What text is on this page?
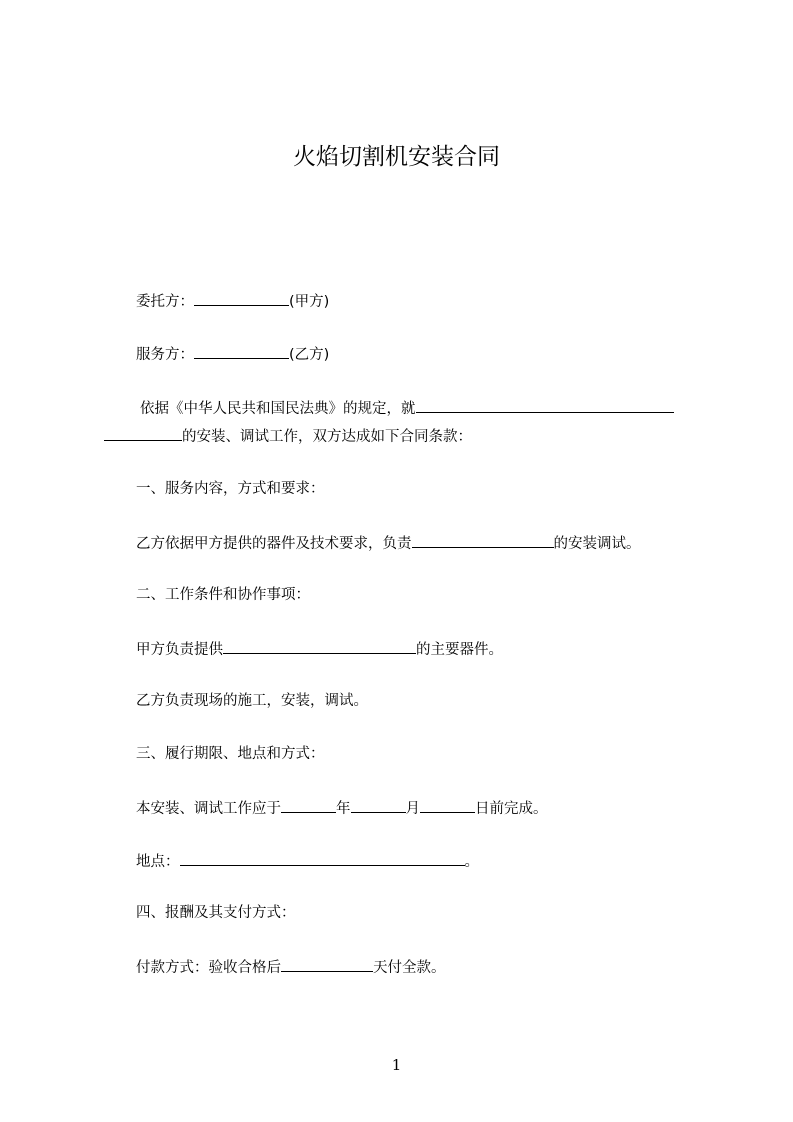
火焰切割机安装合同

委托方：	(甲方)

服务方：	(乙方)

依据《中华人民共和国民法典》的规定，就

的安装、调试工作，双方达成如下合同条款：

一、服务内容，方式和要求：

乙方依据甲方提供的器件及技术要求，负责	的安装调试。

二、工作条件和协作事项：

甲方负责提供	的主要器件。

乙方负责现场的施工，安装，调试。

三、履行期限、地点和方式：

本安装、调试工作应于	年	月	日前完成。

地点：	。

四、报酬及其支付方式：

付款方式：验收合格后	天付全款。

1
